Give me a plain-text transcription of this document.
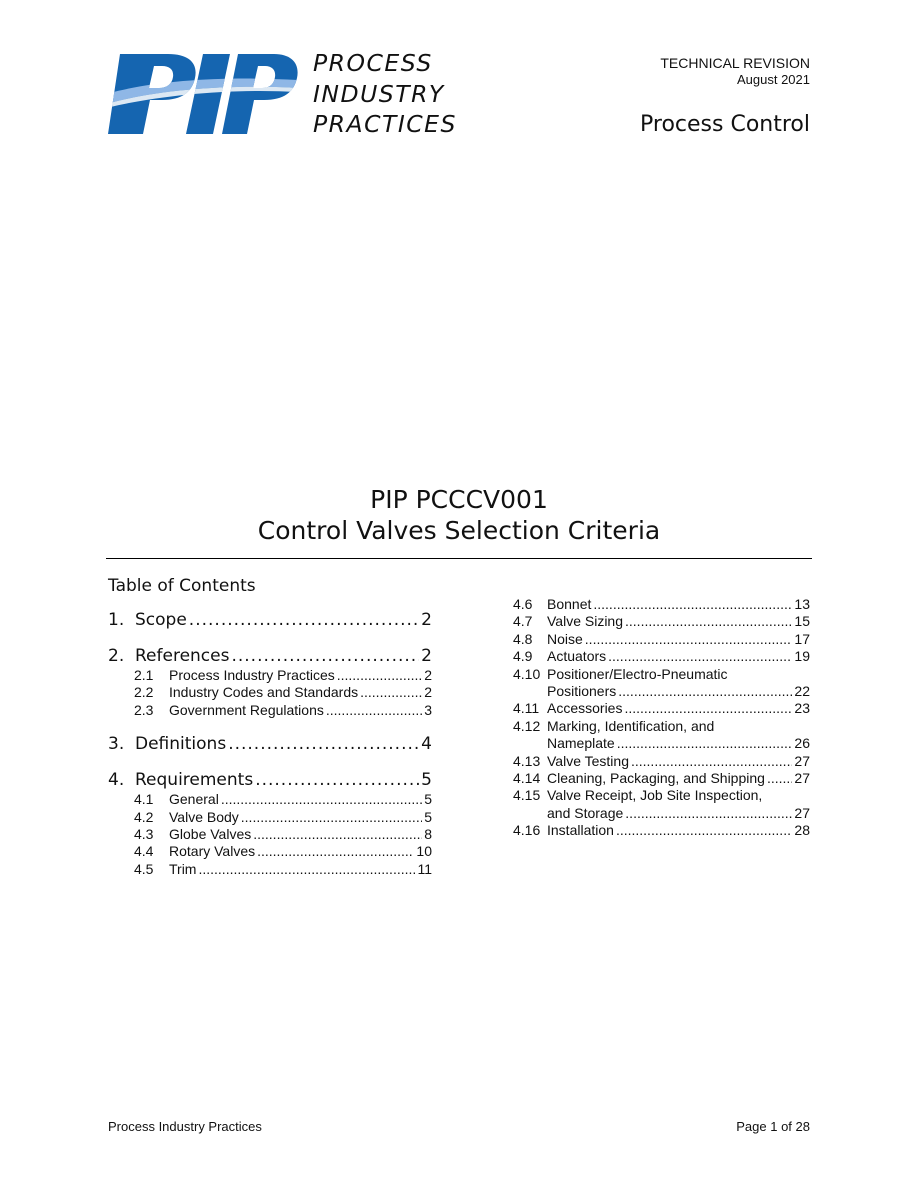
PROCESS
INDUSTRY
PRACTICES
TECHNICAL REVISION
August 2021
Process Control
PIP PCCCV001
Control Valves Selection Criteria
Table of Contents
1. Scope .....	2
2. References .....	2
2.1	Process Industry Practices .....	2
2.2	Industry Codes and Standards .....	2
2.3	Government Regulations .....	3
3. Definitions .....	4
4. Requirements .....	5
4.1	General .....	5
4.2	Valve Body .....	5
4.3	Globe Valves .....	8
4.4	Rotary Valves .....	10
4.5	Trim .....	11
4.6	Bonnet .....	13
4.7	Valve Sizing .....	15
4.8	Noise .....	17
4.9	Actuators .....	19
4.10 Positioner/Electro-Pneumatic
Positioners .....	22
4.11 Accessories .....	23
4.12 Marking, Identification, and
Nameplate .....	26
4.13 Valve Testing .....	27
4.14 Cleaning, Packaging, and Shipping ..... 27
4.15 Valve Receipt, Job Site Inspection,
and Storage .....	27
4.16 Installation .....	28
Process Industry Practices	Page 1 of 28
